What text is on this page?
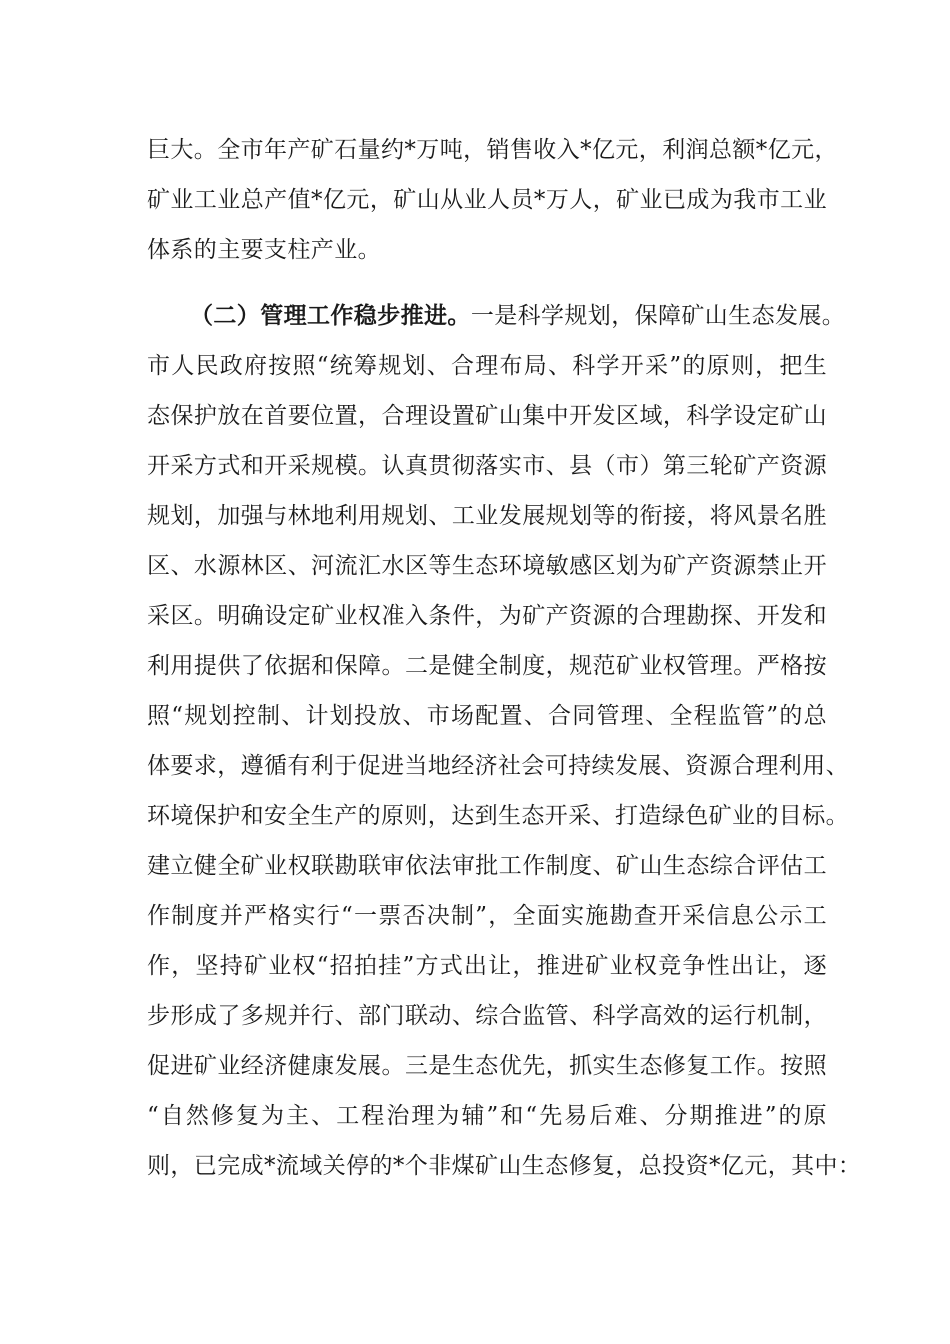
巨大。全市年产矿石量约*万吨，销售收入*亿元，利润总额*亿元，
矿业工业总产值*亿元，矿山从业人员*万人，矿业已成为我市工业
体系的主要支柱产业。
（二）管理工作稳步推进。一是科学规划，保障矿山生态发展。
市人民政府按照“统筹规划、合理布局、科学开采”的原则，把生
态保护放在首要位置，合理设置矿山集中开发区域，科学设定矿山
开采方式和开采规模。认真贯彻落实市、县（市）第三轮矿产资源
规划，加强与林地利用规划、工业发展规划等的衔接，将风景名胜
区、水源林区、河流汇水区等生态环境敏感区划为矿产资源禁止开
采区。明确设定矿业权准入条件，为矿产资源的合理勘探、开发和
利用提供了依据和保障。二是健全制度，规范矿业权管理。严格按
照“规划控制、计划投放、市场配置、合同管理、全程监管”的总
体要求，遵循有利于促进当地经济社会可持续发展、资源合理利用、
环境保护和安全生产的原则，达到生态开采、打造绿色矿业的目标。
建立健全矿业权联勘联审依法审批工作制度、矿山生态综合评估工
作制度并严格实行“一票否决制”，全面实施勘查开采信息公示工
作，坚持矿业权“招拍挂”方式出让，推进矿业权竞争性出让，逐
步形成了多规并行、部门联动、综合监管、科学高效的运行机制，
促进矿业经济健康发展。三是生态优先，抓实生态修复工作。按照
“自然修复为主、工程治理为辅”和“先易后难、分期推进”的原
则，已完成*流域关停的*个非煤矿山生态修复，总投资*亿元，其中：
